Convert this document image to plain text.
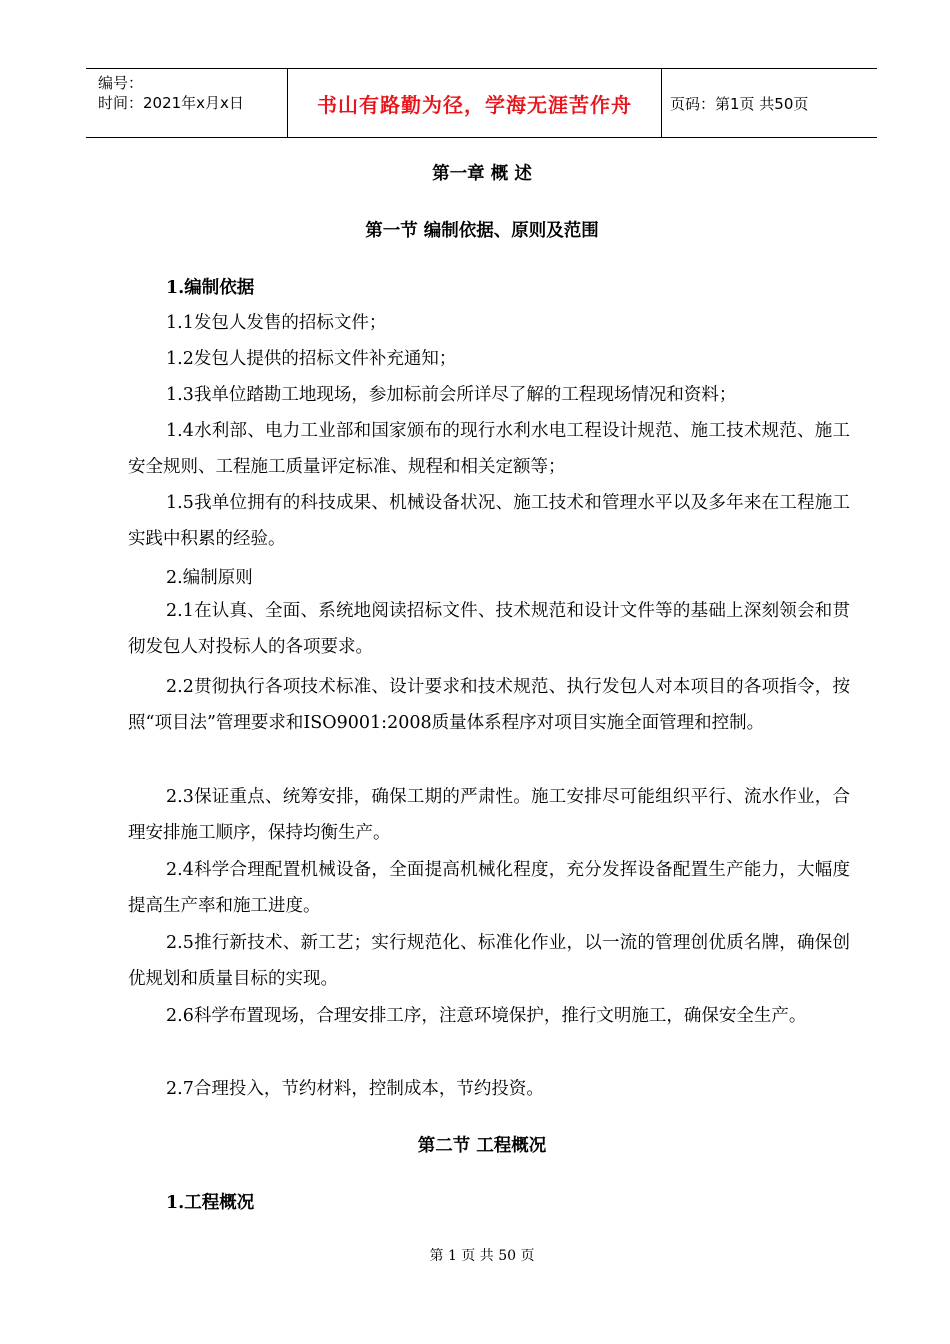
编号：
时间：2021年x月x日	书山有路勤为径，学海无涯苦作舟	页码：第1页 共50页
第一章 概 述
第一节 编制依据、原则及范围
1.编制依据
1.1发包人发售的招标文件；
1.2发包人提供的招标文件补充通知；
1.3我单位踏勘工地现场，参加标前会所详尽了解的工程现场情况和资料；
1.4水利部、电力工业部和国家颁布的现行水利水电工程设计规范、施工技术规范、施工安全规则、工程施工质量评定标准、规程和相关定额等；
1.5我单位拥有的科技成果、机械设备状况、施工技术和管理水平以及多年来在工程施工实践中积累的经验。
2.编制原则
2.1在认真、全面、系统地阅读招标文件、技术规范和设计文件等的基础上深刻领会和贯彻发包人对投标人的各项要求。
2.2贯彻执行各项技术标准、设计要求和技术规范、执行发包人对本项目的各项指令，按照“项目法”管理要求和ISO9001:2008质量体系程序对项目实施全面管理和控制。
2.3保证重点、统筹安排，确保工期的严肃性。施工安排尽可能组织平行、流水作业，合理安排施工顺序，保持均衡生产。
2.4科学合理配置机械设备，全面提高机械化程度，充分发挥设备配置生产能力，大幅度提高生产率和施工进度。
2.5推行新技术、新工艺；实行规范化、标准化作业，以一流的管理创优质名牌，确保创优规划和质量目标的实现。
2.6科学布置现场，合理安排工序，注意环境保护，推行文明施工，确保安全生产。
2.7合理投入，节约材料，控制成本，节约投资。
第二节 工程概况
1.工程概况
第 1 页 共 50 页
